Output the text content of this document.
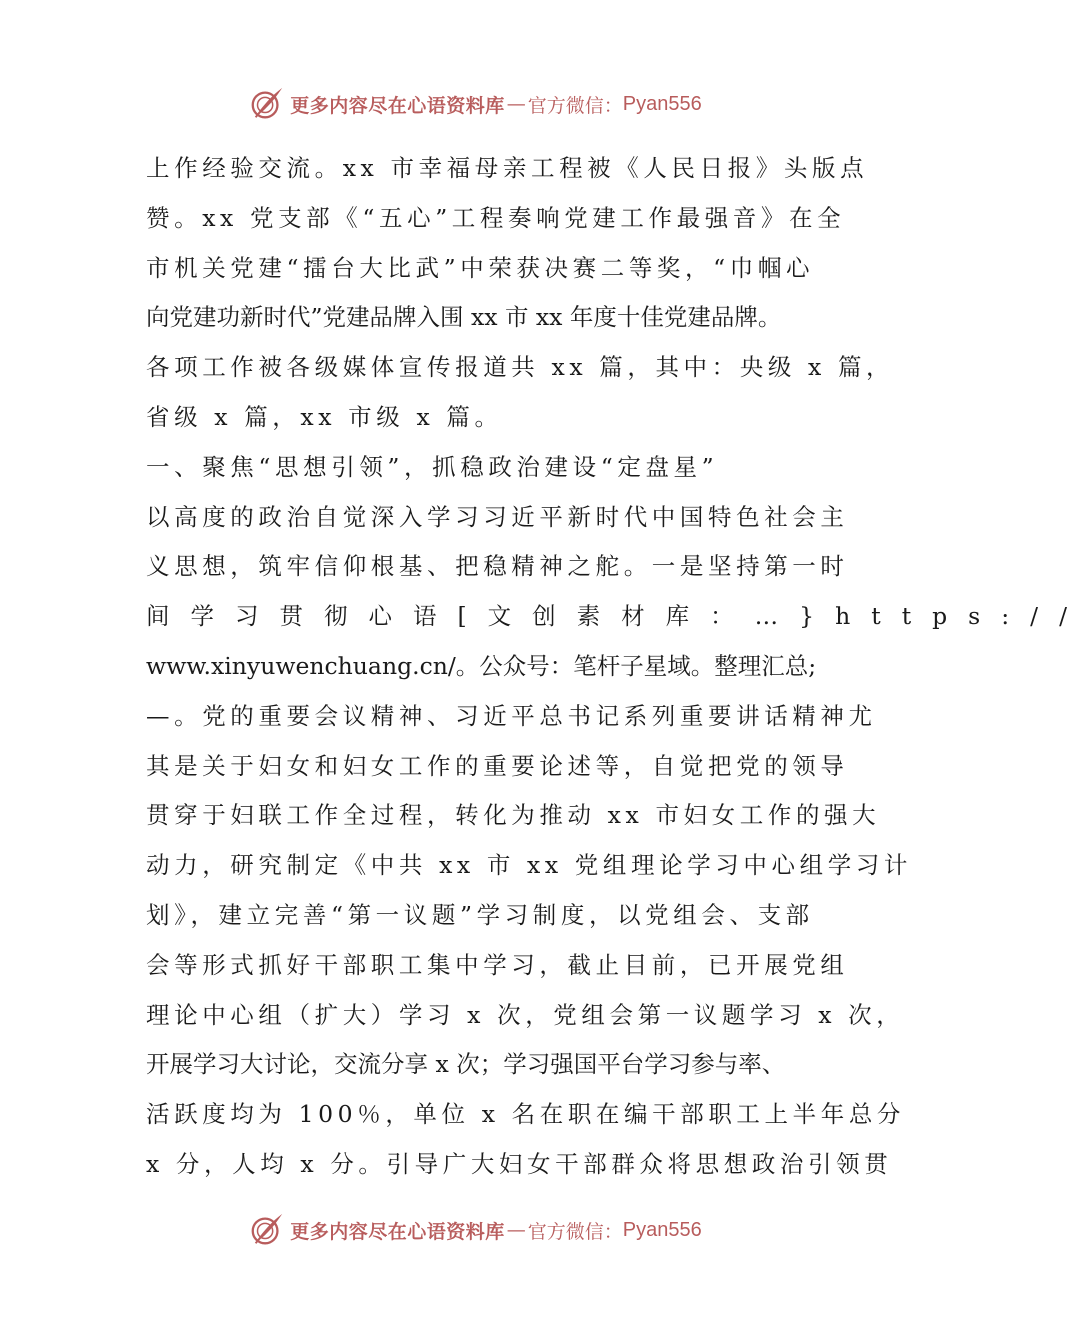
更多内容尽在心语资料库 — 官方微信： Pyan556
上作经验交流。xx 市幸福母亲工程被《人民日报》头版点
赞。xx 党支部《“五心”工程奏响党建工作最强音》在全
市机关党建“擂台大比武”中荣获决赛二等奖，“巾帼心
向党建功新时代”党建品牌入围 xx 市 xx 年度十佳党建品牌。
各项工作被各级媒体宣传报道共 xx 篇，其中：央级 x 篇，
省级 x 篇，xx 市级 x 篇。
一、聚焦“思想引领”，抓稳政治建设“定盘星”
以高度的政治自觉深入学习习近平新时代中国特色社会主
义思想，筑牢信仰根基、把稳精神之舵。一是坚持第一时
间学习贯彻心语[文创素材库：…}https://
www.xinyuwenchuang.cn/。公众号：笔杆子星域。整理汇总;
—。党的重要会议精神、习近平总书记系列重要讲话精神尤
其是关于妇女和妇女工作的重要论述等，自觉把党的领导
贯穿于妇联工作全过程，转化为推动 xx 市妇女工作的强大
动力，研究制定《中共 xx 市 xx 党组理论学习中心组学习计
划》，建立完善“第一议题”学习制度，以党组会、支部
会等形式抓好干部职工集中学习，截止目前，已开展党组
理论中心组（扩大）学习 x 次，党组会第一议题学习 x 次，
开展学习大讨论，交流分享 x 次；学习强国平台学习参与率、
活跃度均为 100％，单位 x 名在职在编干部职工上半年总分
x 分，人均 x 分。引导广大妇女干部群众将思想政治引领贯
更多内容尽在心语资料库 — 官方微信： Pyan556
